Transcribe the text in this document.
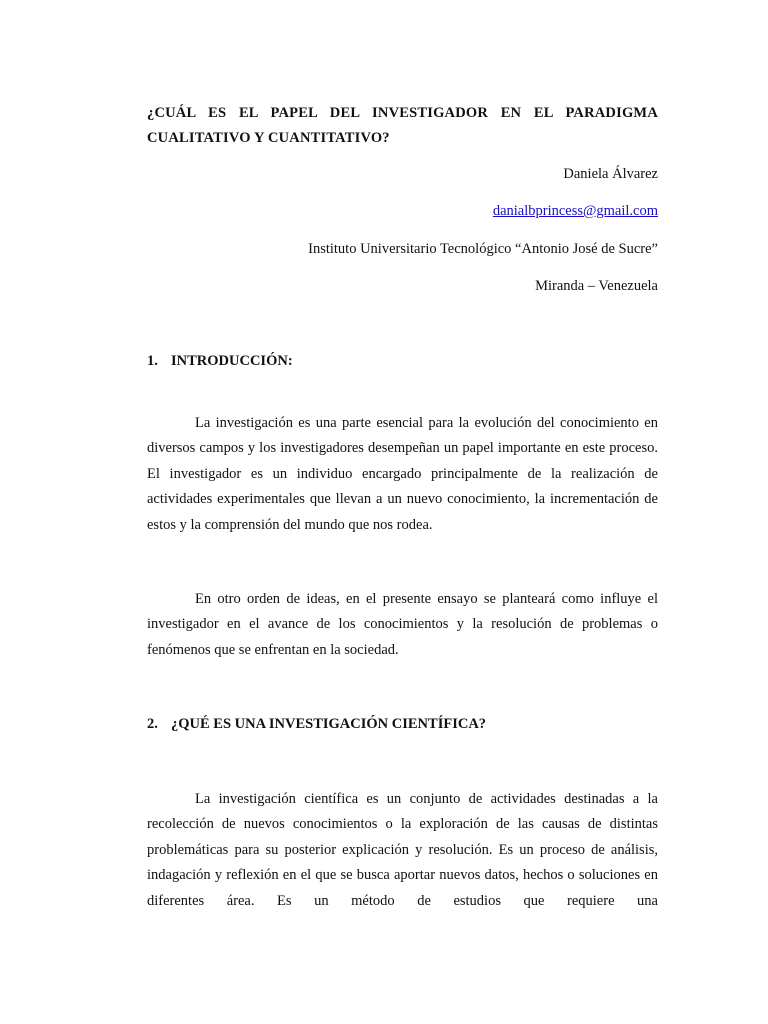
¿CUÁL ES EL PAPEL DEL INVESTIGADOR EN EL PARADIGMA CUALITATIVO Y CUANTITATIVO?

Daniela Álvarez

danialbprincess@gmail.com

Instituto Universitario Tecnológico “Antonio José de Sucre”

Miranda – Venezuela

1. INTRODUCCIÓN:

La investigación es una parte esencial para la evolución del conocimiento en diversos campos y los investigadores desempeñan un papel importante en este proceso. El investigador es un individuo encargado principalmente de la realización de actividades experimentales que llevan a un nuevo conocimiento, la incrementación de estos y la comprensión del mundo que nos rodea.

En otro orden de ideas, en el presente ensayo se planteará como influye el investigador en el avance de los conocimientos y la resolución de problemas o fenómenos que se enfrentan en la sociedad.

2. ¿QUÉ ES UNA INVESTIGACIÓN CIENTÍFICA?

La investigación científica es un conjunto de actividades destinadas a la recolección de nuevos conocimientos o la exploración de las causas de distintas problemáticas para su posterior explicación y resolución. Es un proceso de análisis, indagación y reflexión en el que se busca aportar nuevos datos, hechos o soluciones en diferentes área. Es un método de estudios que requiere una
